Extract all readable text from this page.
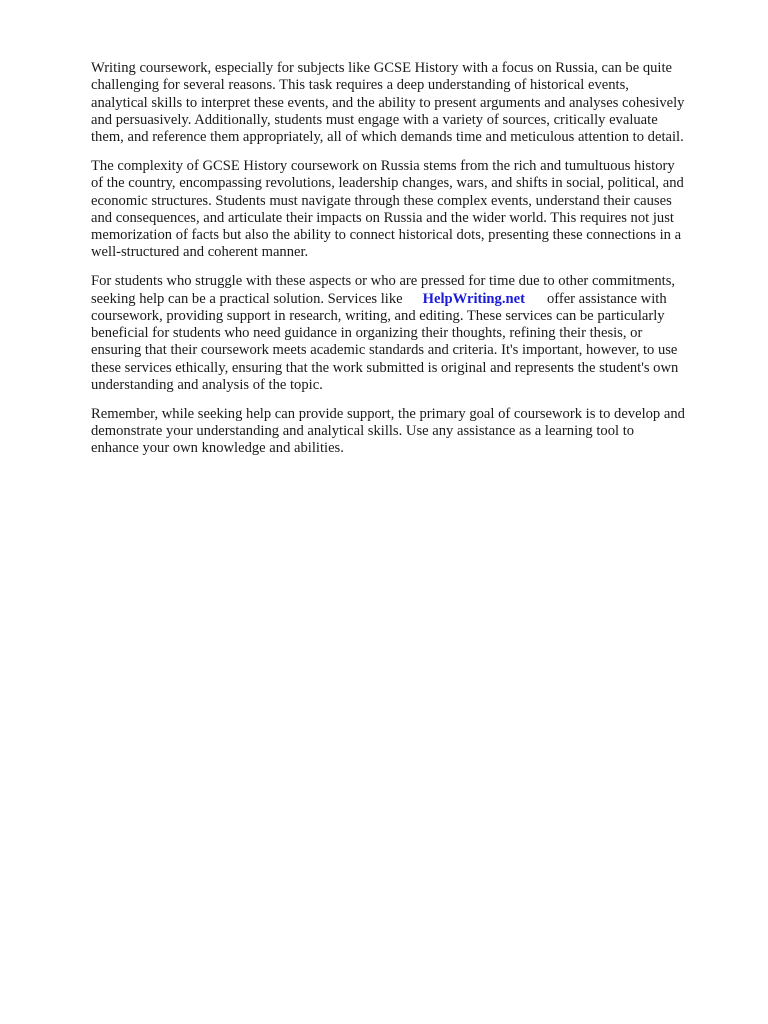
Writing coursework, especially for subjects like GCSE History with a focus on Russia, can be quite
challenging for several reasons. This task requires a deep understanding of historical events,
analytical skills to interpret these events, and the ability to present arguments and analyses cohesively
and persuasively. Additionally, students must engage with a variety of sources, critically evaluate
them, and reference them appropriately, all of which demands time and meticulous attention to detail.

The complexity of GCSE History coursework on Russia stems from the rich and tumultuous history
of the country, encompassing revolutions, leadership changes, wars, and shifts in social, political, and
economic structures. Students must navigate through these complex events, understand their causes
and consequences, and articulate their impacts on Russia and the wider world. This requires not just
memorization of facts but also the ability to connect historical dots, presenting these connections in a
well-structured and coherent manner.

For students who struggle with these aspects or who are pressed for time due to other commitments,
seeking help can be a practical solution. Services like HelpWriting.net offer assistance with
coursework, providing support in research, writing, and editing. These services can be particularly
beneficial for students who need guidance in organizing their thoughts, refining their thesis, or
ensuring that their coursework meets academic standards and criteria. It's important, however, to use
these services ethically, ensuring that the work submitted is original and represents the student's own
understanding and analysis of the topic.

Remember, while seeking help can provide support, the primary goal of coursework is to develop and
demonstrate your understanding and analytical skills. Use any assistance as a learning tool to
enhance your own knowledge and abilities.
